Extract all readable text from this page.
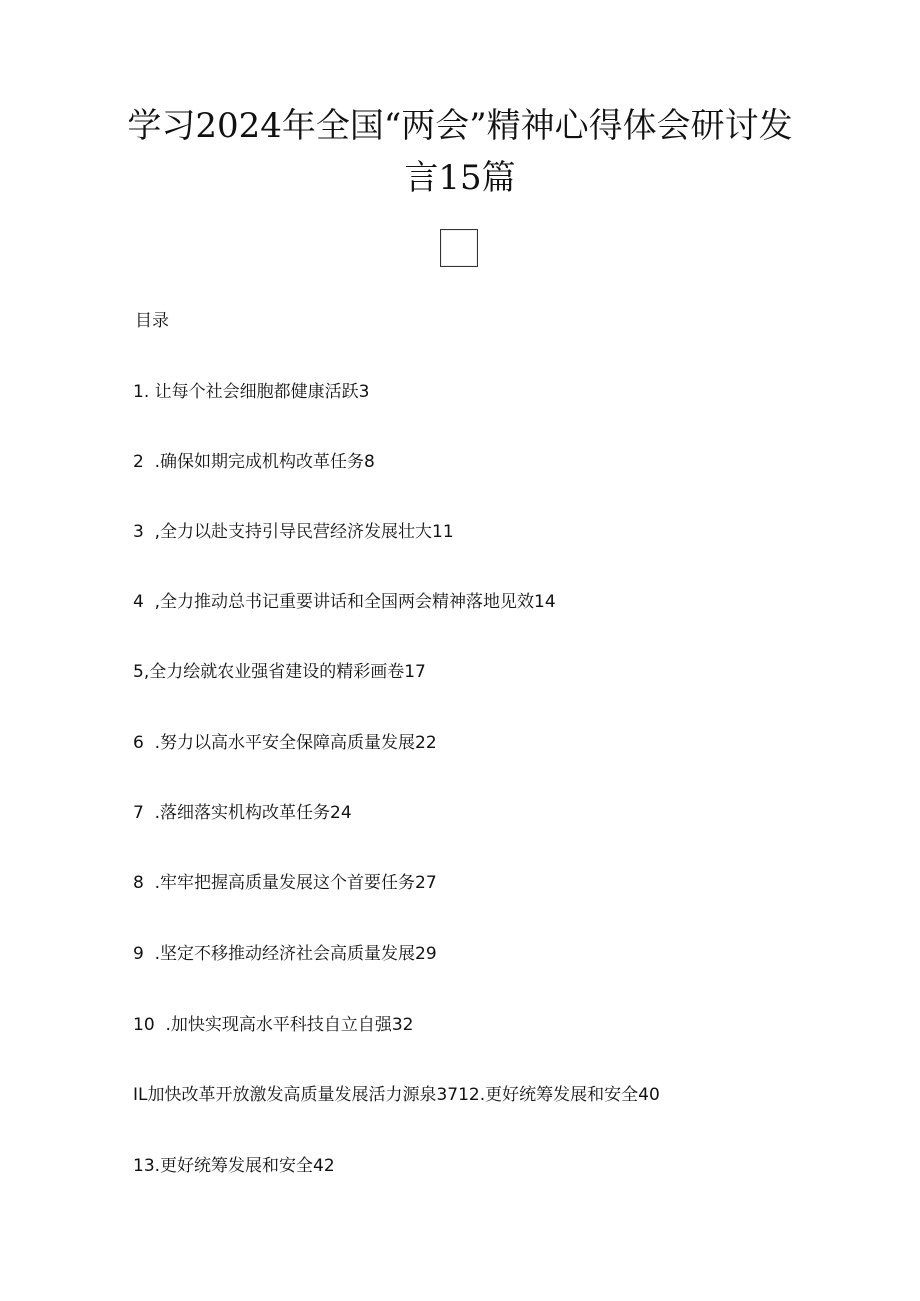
学习2024年全国“两会”精神心得体会研讨发
言15篇
目录
1. 让每个社会细胞都健康活跃3
2  .确保如期完成机构改革任务8
3  ,全力以赴支持引导民营经济发展壮大11
4  ,全力推动总书记重要讲话和全国两会精神落地见效14
5,全力绘就农业强省建设的精彩画卷17
6  .努力以高水平安全保障高质量发展22
7  .落细落实机构改革任务24
8  .牢牢把握高质量发展这个首要任务27
9  .坚定不移推动经济社会高质量发展29
10  .加快实现高水平科技自立自强32
IL加快改革开放激发高质量发展活力源泉3712.更好统筹发展和安全40
13.更好统筹发展和安全42
